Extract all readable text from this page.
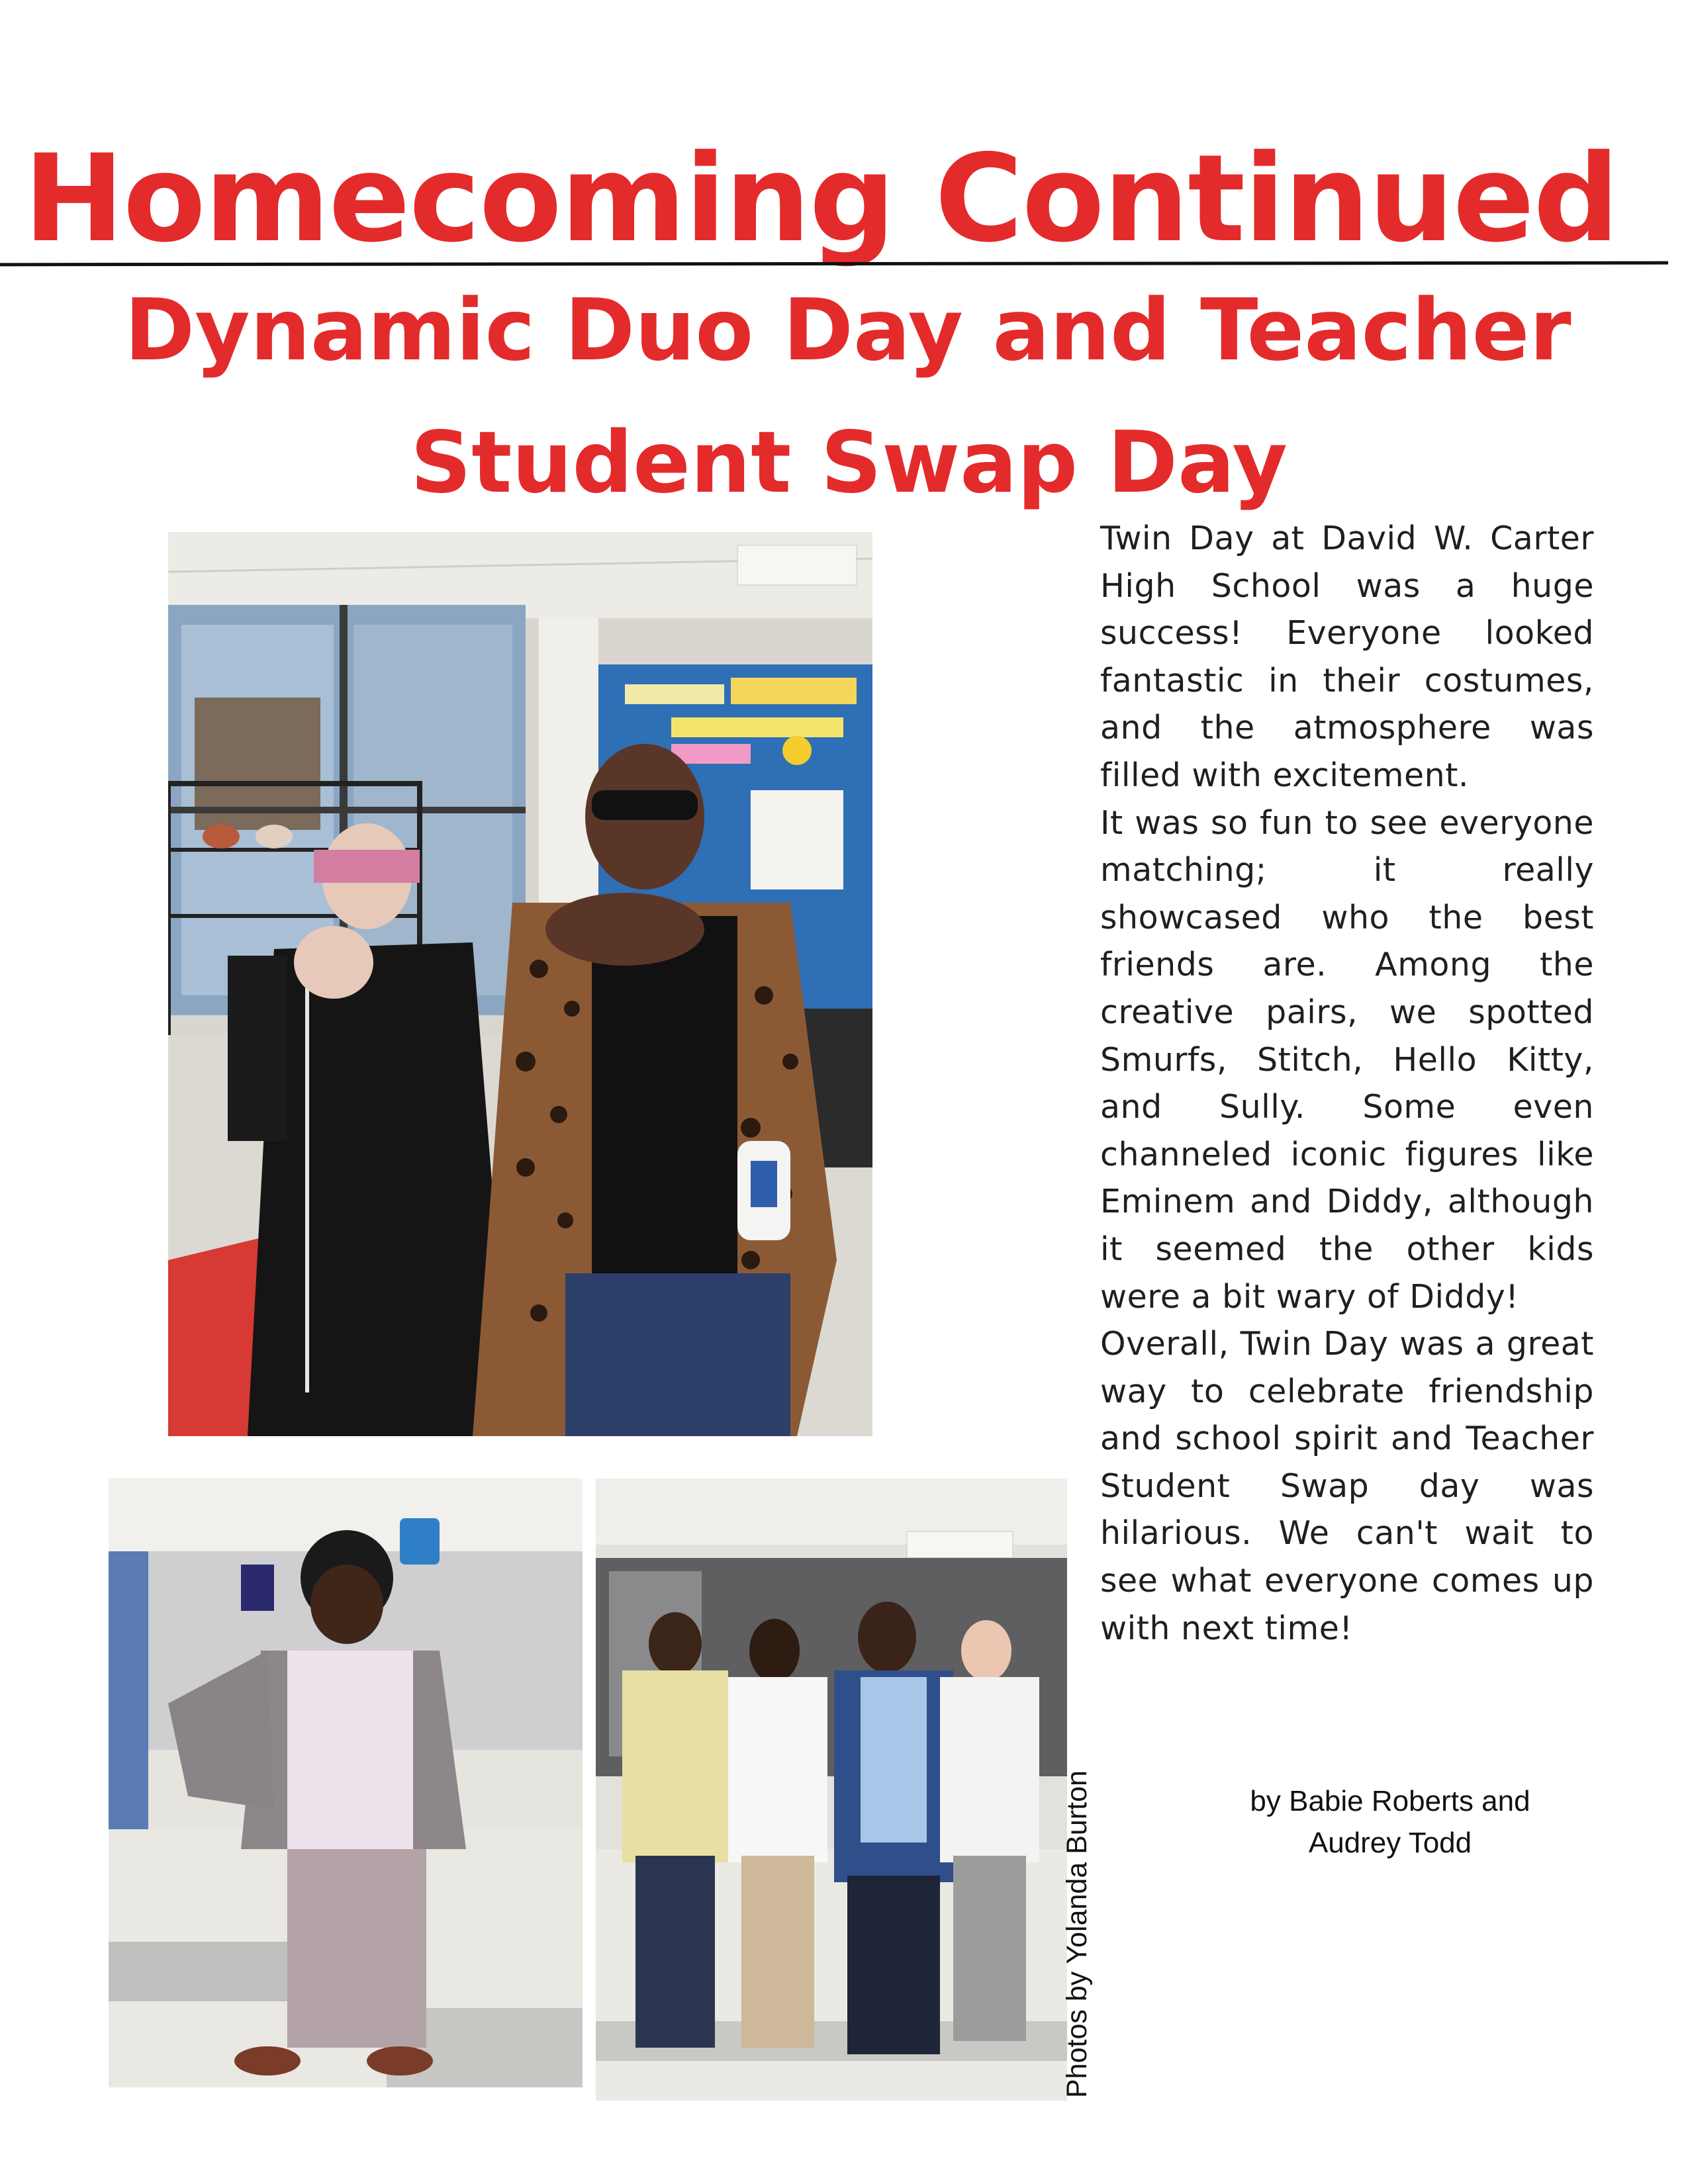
Homecoming Continued
Dynamic Duo Day and Teacher
Student Swap Day

Twin Day at David W. Carter High School was a huge success! Everyone looked fantastic in their costumes, and the atmosphere was filled with excitement.

It was so fun to see everyone matching; it really showcased who the best friends are. Among the creative pairs, we spotted Smurfs, Stitch, Hello Kitty, and Sully. Some even channeled iconic figures like Eminem and Diddy, although it seemed the other kids were a bit wary of Diddy!

Overall, Twin Day was a great way to celebrate friendship and school spirit and Teacher Student Swap day was hilarious. We can't wait to see what everyone comes up with next time!

by Babie Roberts and
Audrey Todd
Photos by Yolanda Burton
